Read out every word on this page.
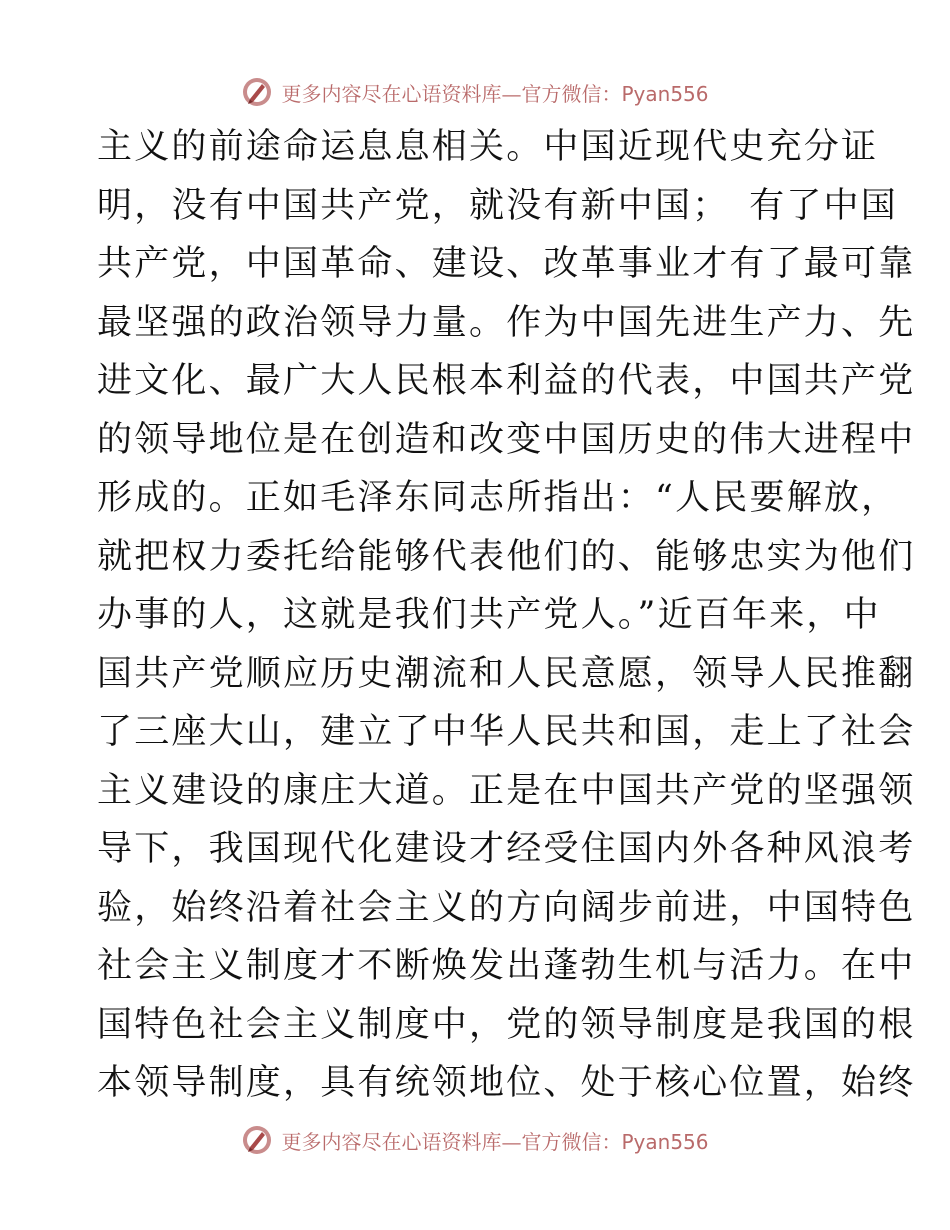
更多内容尽在心语资料库—官方微信：Pyan556
主义的前途命运息息相关。中国近现代史充分证
明，没有中国共产党，就没有新中国；　有了中国
共产党，中国革命、建设、改革事业才有了最可靠
最坚强的政治领导力量。作为中国先进生产力、先
进文化、最广大人民根本利益的代表，中国共产党
的领导地位是在创造和改变中国历史的伟大进程中
形成的。正如毛泽东同志所指出：“人民要解放，
就把权力委托给能够代表他们的、能够忠实为他们
办事的人，这就是我们共产党人。”近百年来，中
国共产党顺应历史潮流和人民意愿，领导人民推翻
了三座大山，建立了中华人民共和国，走上了社会
主义建设的康庄大道。正是在中国共产党的坚强领
导下，我国现代化建设才经受住国内外各种风浪考
验，始终沿着社会主义的方向阔步前进，中国特色
社会主义制度才不断焕发出蓬勃生机与活力。在中
国特色社会主义制度中，党的领导制度是我国的根
本领导制度，具有统领地位、处于核心位置，始终
更多内容尽在心语资料库—官方微信：Pyan556
